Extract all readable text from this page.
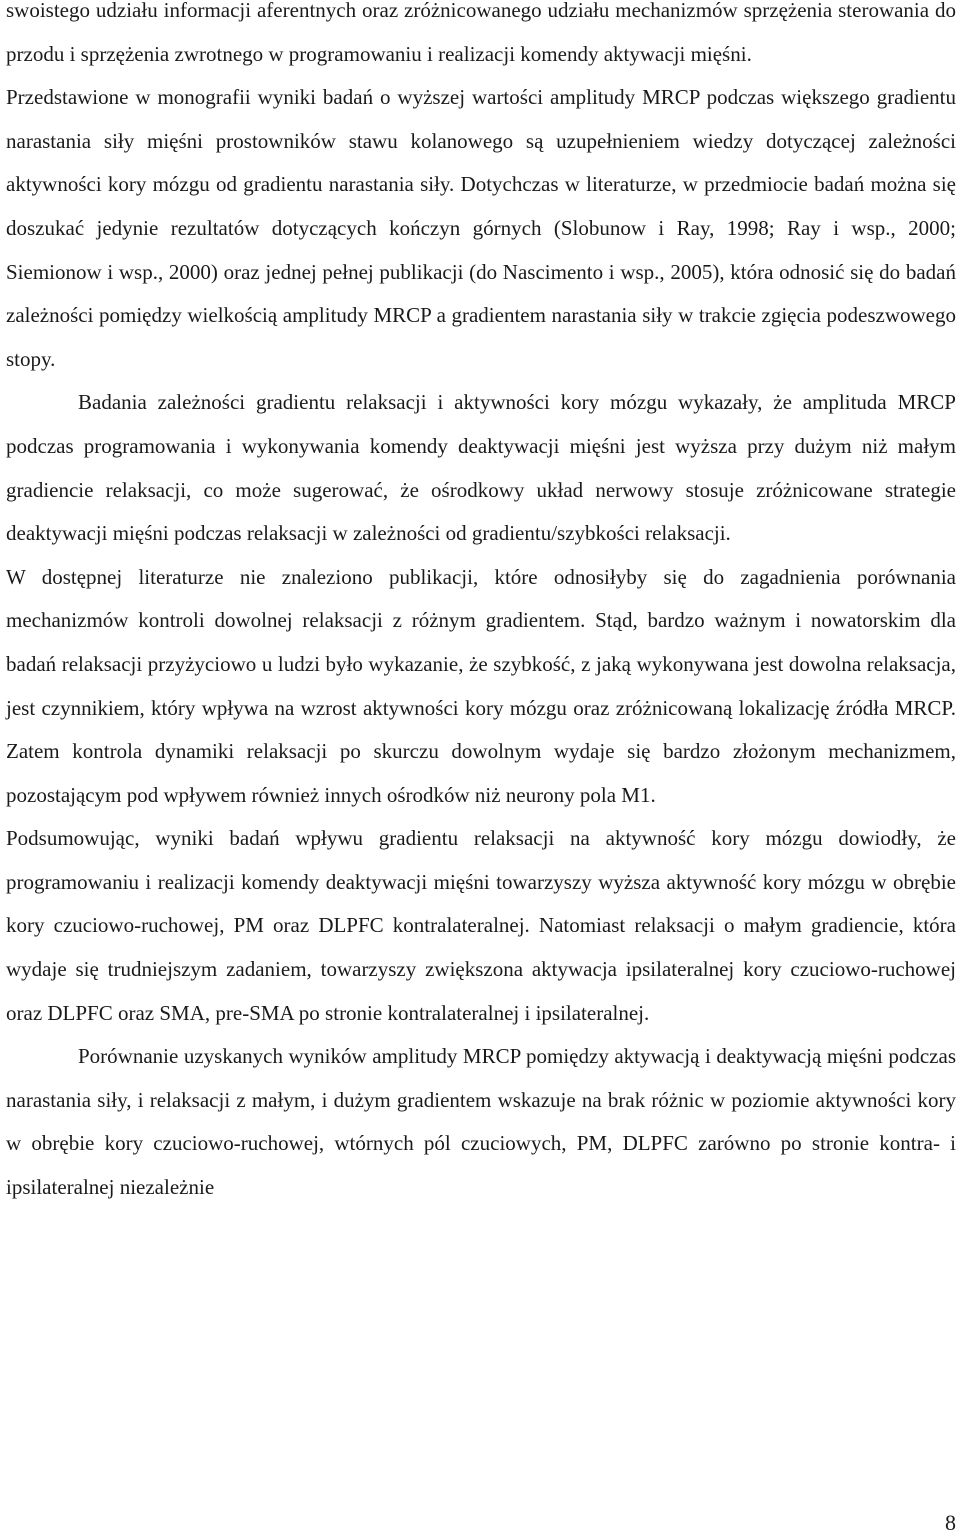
swoistego udziału informacji aferentnych oraz zróżnicowanego udziału mechanizmów sprzężenia sterowania do przodu i sprzężenia zwrotnego w programowaniu i realizacji komendy aktywacji mięśni.

Przedstawione w monografii wyniki badań o wyższej wartości amplitudy MRCP podczas większego gradientu narastania siły mięśni prostowników stawu kolanowego są uzupełnieniem wiedzy dotyczącej zależności aktywności kory mózgu od gradientu narastania siły. Dotychczas w literaturze, w przedmiocie badań można się doszukać jedynie rezultatów dotyczących kończyn górnych (Slobunow i Ray, 1998; Ray i wsp., 2000; Siemionow i wsp., 2000) oraz jednej pełnej publikacji (do Nascimento i wsp., 2005), która odnosić się do badań zależności pomiędzy wielkością amplitudy MRCP a gradientem narastania siły w trakcie zgięcia podeszwowego stopy.

Badania zależności gradientu relaksacji i aktywności kory mózgu wykazały, że amplituda MRCP podczas programowania i wykonywania komendy deaktywacji mięśni jest wyższa przy dużym niż małym gradiencie relaksacji, co może sugerować, że ośrodkowy układ nerwowy stosuje zróżnicowane strategie deaktywacji mięśni podczas relaksacji w zależności od gradientu/szybkości relaksacji.

W dostępnej literaturze nie znaleziono publikacji, które odnosiłyby się do zagadnienia porównania mechanizmów kontroli dowolnej relaksacji z różnym gradientem. Stąd, bardzo ważnym i nowatorskim dla badań relaksacji przyżyciowo u ludzi było wykazanie, że szybkość, z jaką wykonywana jest dowolna relaksacja, jest czynnikiem, który wpływa na wzrost aktywności kory mózgu oraz zróżnicowaną lokalizację źródła MRCP. Zatem kontrola dynamiki relaksacji po skurczu dowolnym wydaje się bardzo złożonym mechanizmem, pozostającym pod wpływem również innych ośrodków niż neurony pola M1.

Podsumowując, wyniki badań wpływu gradientu relaksacji na aktywność kory mózgu dowiodły, że programowaniu i realizacji komendy deaktywacji mięśni towarzyszy wyższa aktywność kory mózgu w obrębie kory czuciowo-ruchowej, PM oraz DLPFC kontralateralnej. Natomiast relaksacji o małym gradiencie, która wydaje się trudniejszym zadaniem, towarzyszy zwiększona aktywacja ipsilateralnej kory czuciowo-ruchowej oraz DLPFC oraz SMA, pre-SMA po stronie kontralateralnej i ipsilateralnej.

Porównanie uzyskanych wyników amplitudy MRCP pomiędzy aktywacją i deaktywacją mięśni podczas narastania siły, i relaksacji z małym, i dużym gradientem wskazuje na brak różnic w poziomie aktywności kory w obrębie kory czuciowo-ruchowej, wtórnych pól czuciowych, PM, DLPFC zarówno po stronie kontra- i ipsilateralnej niezależnie

8
